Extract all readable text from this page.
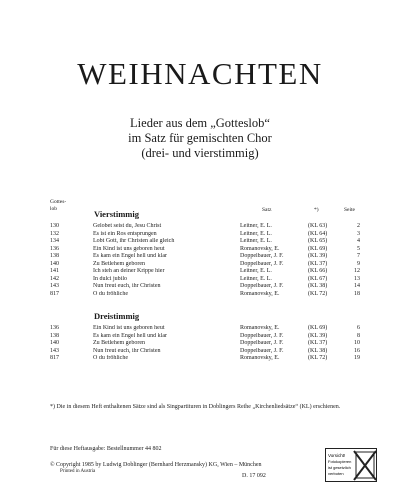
WEIHNACHTEN
Lieder aus dem „Gotteslob“
im Satz für gemischten Chor
(drei- und vierstimmig)
Gottes-
lob	Satz	*)	Seite
Vierstimmig
130	Gelobet seist du, Jesu Christ	Leitner, E. L.	(KL 63)	2
132	Es ist ein Ros entsprungen	Leitner, E. L.	(KL 64)	3
134	Lobt Gott, ihr Christen alle gleich	Leitner, E. L.	(KL 65)	4
136	Ein Kind ist uns geboren heut	Romanovsky, E.	(KL 69)	5
138	Es kam ein Engel hell und klar	Doppelbauer, J. F.	(KL 39)	7
140	Zu Betlehem geboren	Doppelbauer, J. F.	(KL 37)	9
141	Ich steh an deiner Krippe hier	Leitner, E. L.	(KL 66)	12
142	In dulci jubilo	Leitner, E. L.	(KL 67)	13
143	Nun freut euch, ihr Christen	Doppelbauer, J. F.	(KL 38)	14
817	O du fröhliche	Romanovsky, E.	(KL 72)	18
Dreistimmig
136	Ein Kind ist uns geboren heut	Romanovsky, E.	(KL 69)	6
138	Es kam ein Engel hell und klar	Doppelbauer, J. F.	(KL 39)	8
140	Zu Betlehem geboren	Doppelbauer, J. F.	(KL 37)	10
143	Nun freut euch, ihr Christen	Doppelbauer, J. F.	(KL 38)	16
817	O du fröhliche	Romanovsky, E.	(KL 72)	19
*) Die in diesem Heft enthaltenen Sätze sind als Singpartituren in Doblingers Reihe „Kirchenliedsätze“ (KL) erschienen.
Für diese Heftausgabe: Bestellnummer 44 802
© Copyright 1985 by Ludwig Doblinger (Bernhard Herzmansky) KG, Wien – München
Printed in Austria
D. 17 092
Vorsicht!
Fotokopieren
ist gesetzlich
verboten
